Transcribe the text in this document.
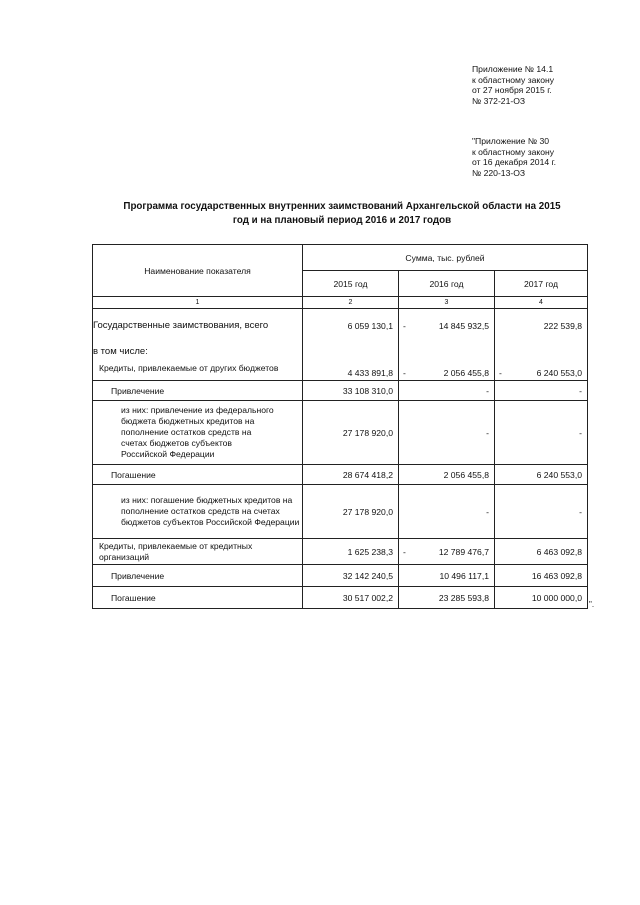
Приложение № 14.1
к областному закону
от 27 ноября 2015 г.
№ 372-21-ОЗ
"Приложение № 30
к областному закону
от 16 декабря 2014 г.
№ 220-13-ОЗ
Программа государственных внутренних заимствований Архангельской области на 2015
год и на плановый период 2016 и 2017 годов
Наименование показателя	Сумма, тыс. рублей		
	2015 год	2016 год	2017 год
1	2	3	4
Государственные заимствования, всего	6 059 130,1	- 14 845 932,5	222 539,8
в том числе:			
Кредиты, привлекаемые от других бюджетов	4 433 891,8	- 2 056 455,8	- 6 240 553,0
Привлечение	33 108 310,0	-	-
из них: привлечение из федерального бюджета бюджетных кредитов на пополнение остатков средств на счетах бюджетов субъектов Российской Федерации	27 178 920,0	-	-
Погашение	28 674 418,2	2 056 455,8	6 240 553,0
из них: погашение бюджетных кредитов на пополнение остатков средств на счетах бюджетов субъектов Российской Федерации	27 178 920,0	-	-
Кредиты, привлекаемые от кредитных организаций	1 625 238,3	- 12 789 476,7	6 463 092,8
Привлечение	32 142 240,5	10 496 117,1	16 463 092,8
Погашение	30 517 002,2	23 285 593,8	10 000 000,0
".
